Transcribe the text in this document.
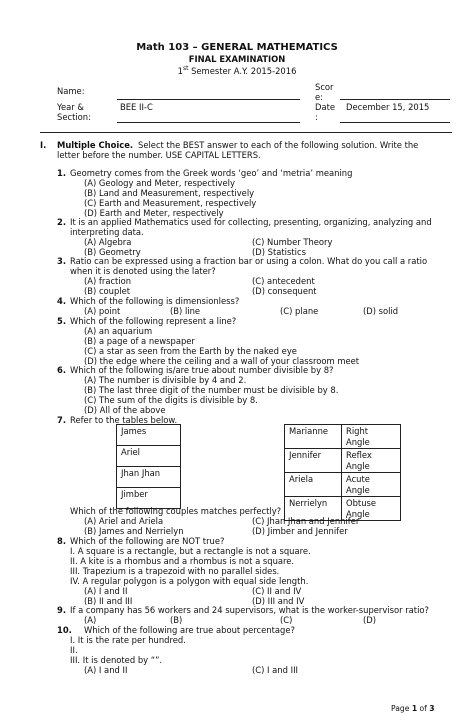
Math 103 – GENERAL MATHEMATICS
FINAL EXAMINATION
1st Semester A.Y. 2015-2016
Name:	Scor
e:
Year &
Section:
BEE II-C	Date
:
December 15, 2015
I. Multiple Choice. Select the BEST answer to each of the following solution. Write the
letter before the number. USE CAPITAL LETTERS.
1. Geometry comes from the Greek words ‘geo’ and ‘metria’ meaning
(A) Geology and Meter, respectively
(B) Land and Measurement, respectively
(C) Earth and Measurement, respectively
(D) Earth and Meter, respectively
2. It is an applied Mathematics used for collecting, presenting, organizing, analyzing and
interpreting data.
(A) Algebra	(C) Number Theory
(B) Geometry	(D) Statistics
3. Ratio can be expressed using a fraction bar or using a colon. What do you call a ratio
when it is denoted using the later?
(A) fraction	(C) antecedent
(B) couplet	(D) consequent
4. Which of the following is dimensionless?
(A) point	(B) line	(C) plane	(D) solid
5. Which of the following represent a line?
(A) an aquarium
(B) a page of a newspaper
(C) a star as seen from the Earth by the naked eye
(D) the edge where the ceiling and a wall of your classroom meet
6. Which of the following is/are true about number divisible by 8?
(A) The number is divisible by 4 and 2.
(B) The last three digit of the number must be divisible by 8.
(C) The sum of the digits is divisible by 8.
(D) All of the above
7. Refer to the tables below.
James
Ariel
Jhan Jhan
Jimber
Marianne	Right
Angle

Jennifer	Reflex
Angle

Ariela	Acute
Angle

Nerrielyn	Obtuse
Angle
Which of the following couples matches perfectly?
(A) Ariel and Ariela	(C) Jhan Jhan and Jennifer
(B) James and Nerrielyn	(D) Jimber and Jennifer
8. Which of the following are NOT true?
I. A square is a rectangle, but a rectangle is not a square.
II. A kite is a rhombus and a rhombus is not a square.
III. Trapezium is a trapezoid with no parallel sides.
IV. A regular polygon is a polygon with equal side length.
(A) I and II	(C) II and IV
(B) II and III	(D) III and IV
9. If a company has 56 workers and 24 supervisors, what is the worker-supervisor ratio?
(A)	(B)	(C)	(D)
10. Which of the following are true about percentage?
I. It is the rate per hundred.
II.
III. It is denoted by “”.
(A) I and II	(C) I and III
Page 1 of 3
